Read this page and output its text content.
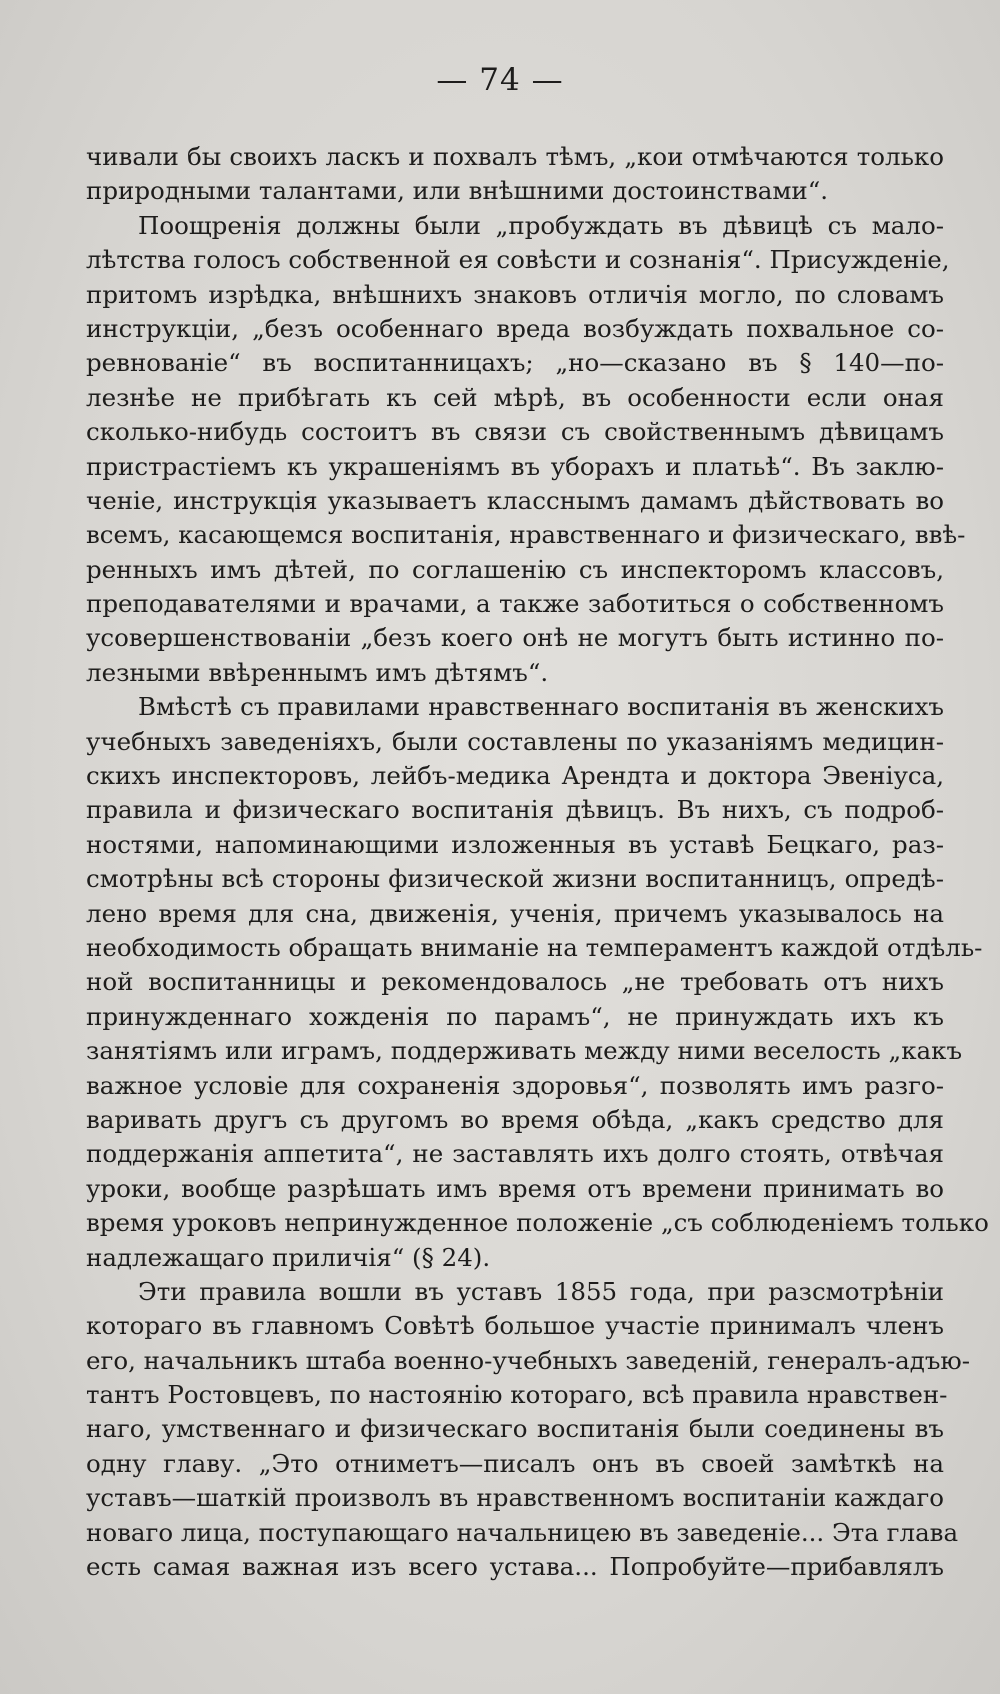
— 74 —
чивали бы своихъ ласкъ и похвалъ тѣмъ, „кои отмѣчаются только
природными талантами, или внѣшними достоинствами“.
Поощренія должны были „пробуждать въ дѣвицѣ съ мало-
лѣтства голосъ собственной ея совѣсти и сознанія“. Присужденіе,
притомъ изрѣдка, внѣшнихъ знаковъ отличія могло, по словамъ
инструкціи, „безъ особеннаго вреда возбуждать похвальное со-
ревнованіе“ въ воспитанницахъ; „но—сказано въ § 140—по-
лезнѣе не прибѣгать къ сей мѣрѣ, въ особенности если оная
сколько-нибудь состоитъ въ связи съ свойственнымъ дѣвицамъ
пристрастіемъ къ украшеніямъ въ уборахъ и платьѣ“. Въ заклю-
ченіе, инструкція указываетъ класснымъ дамамъ дѣйствовать во
всемъ, касающемся воспитанія, нравственнаго и физическаго, ввѣ-
ренныхъ имъ дѣтей, по соглашенію съ инспекторомъ классовъ,
преподавателями и врачами, а также заботиться о собственномъ
усовершенствованіи „безъ коего онѣ не могутъ быть истинно по-
лезными ввѣреннымъ имъ дѣтямъ“.
Вмѣстѣ съ правилами нравственнаго воспитанія въ женскихъ
учебныхъ заведеніяхъ, были составлены по указаніямъ медицин-
скихъ инспекторовъ, лейбъ-медика Арендта и доктора Эвеніуса,
правила и физическаго воспитанія дѣвицъ. Въ нихъ, съ подроб-
ностями, напоминающими изложенныя въ уставѣ Бецкаго, раз-
смотрѣны всѣ стороны физической жизни воспитанницъ, опредѣ-
лено время для сна, движенія, ученія, причемъ указывалось на
необходимость обращать вниманіе на темпераментъ каждой отдѣль-
ной воспитанницы и рекомендовалось „не требовать отъ нихъ
принужденнаго хожденія по парамъ“, не принуждать ихъ къ
занятіямъ или играмъ, поддерживать между ними веселость „какъ
важное условіе для сохраненія здоровья“, позволять имъ разго-
варивать другъ съ другомъ во время обѣда, „какъ средство для
поддержанія аппетита“, не заставлять ихъ долго стоять, отвѣчая
уроки, вообще разрѣшать имъ время отъ времени принимать во
время уроковъ непринужденное положеніе „съ соблюденіемъ только
надлежащаго приличія“ (§ 24).
Эти правила вошли въ уставъ 1855 года, при разсмотрѣніи
котораго въ главномъ Совѣтѣ большое участіе принималъ членъ
его, начальникъ штаба военно-учебныхъ заведеній, генералъ-адъю-
тантъ Ростовцевъ, по настоянію котораго, всѣ правила нравствен-
наго, умственнаго и физическаго воспитанія были соединены въ
одну главу. „Это отниметъ—писалъ онъ въ своей замѣткѣ на
уставъ—шаткій произволъ въ нравственномъ воспитаніи каждаго
новаго лица, поступающаго начальницею въ заведеніе... Эта глава
есть самая важная изъ всего устава... Попробуйте—прибавлялъ
